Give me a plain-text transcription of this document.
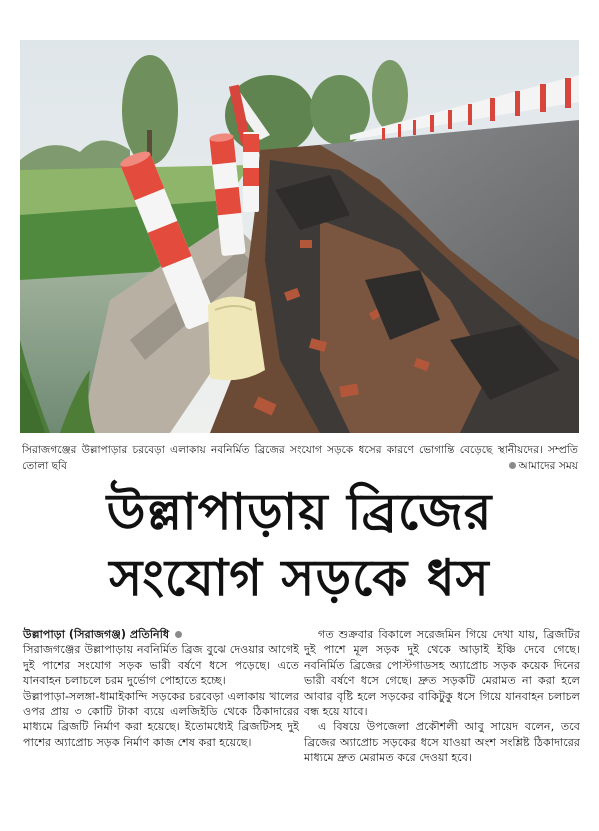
সিরাজগঞ্জের উল্লাপাড়ার চরবেড়া এলাকায় নবনির্মিত ব্রিজের সংযোগ সড়কে ধসের কারণে ভোগান্তি বেড়েছে স্থানীয়দের। সম্প্রতি তোলা ছবি	আমাদের সময়
উল্লাপাড়ায় ব্রিজের
সংযোগ সড়কে ধস

উল্লাপাড়া (সিরাজগঞ্জ) প্রতিনিধি

সিরাজগঞ্জের উল্লাপাড়ায় নবনির্মিত ব্রিজ বুঝে দেওয়ার আগেই দুই পাশের সংযোগ সড়ক ভারী বর্ষণে ধসে পড়েছে। এতে যানবাহন চলাচলে চরম দুর্ভোগ পোহাতে হচ্ছে।

উল্লাপাড়া-সলঙ্গা-ধামাইকান্দি সড়কের চরবেড়া এলাকায় খালের ওপর প্রায় ৩ কোটি টাকা ব্যয়ে এলজিইডি থেকে ঠিকাদারের মাধ্যমে ব্রিজটি নির্মাণ করা হয়েছে। ইতোমধ্যেই ব্রিজটিসহ দুই পাশের অ্যাপ্রোচ সড়ক নির্মাণ কাজ শেষ করা হয়েছে।

গত শুক্রবার বিকালে সরেজমিন গিয়ে দেখা যায়, ব্রিজটির দুই পাশে মূল সড়ক দুই থেকে আড়াই ইঞ্চি দেবে গেছে। নবনির্মিত ব্রিজের পোস্টগাডসহ অ্যাপ্রোচ সড়ক কয়েক দিনের ভারী বর্ষণে ধসে গেছে। দ্রুত সড়কটি মেরামত না করা হলে আবার বৃষ্টি হলে সড়কের বাকিটুকু ধসে গিয়ে যানবাহন চলাচল বন্ধ হয়ে যাবে।

এ বিষয়ে উপজেলা প্রকৌশলী আবু সায়েদ বলেন, তবে ব্রিজের অ্যাপ্রোচ সড়কের ধসে যাওয়া অংশ সংশ্লিষ্ট ঠিকাদারের মাধ্যমে দ্রুত মেরামত করে দেওয়া হবে।
